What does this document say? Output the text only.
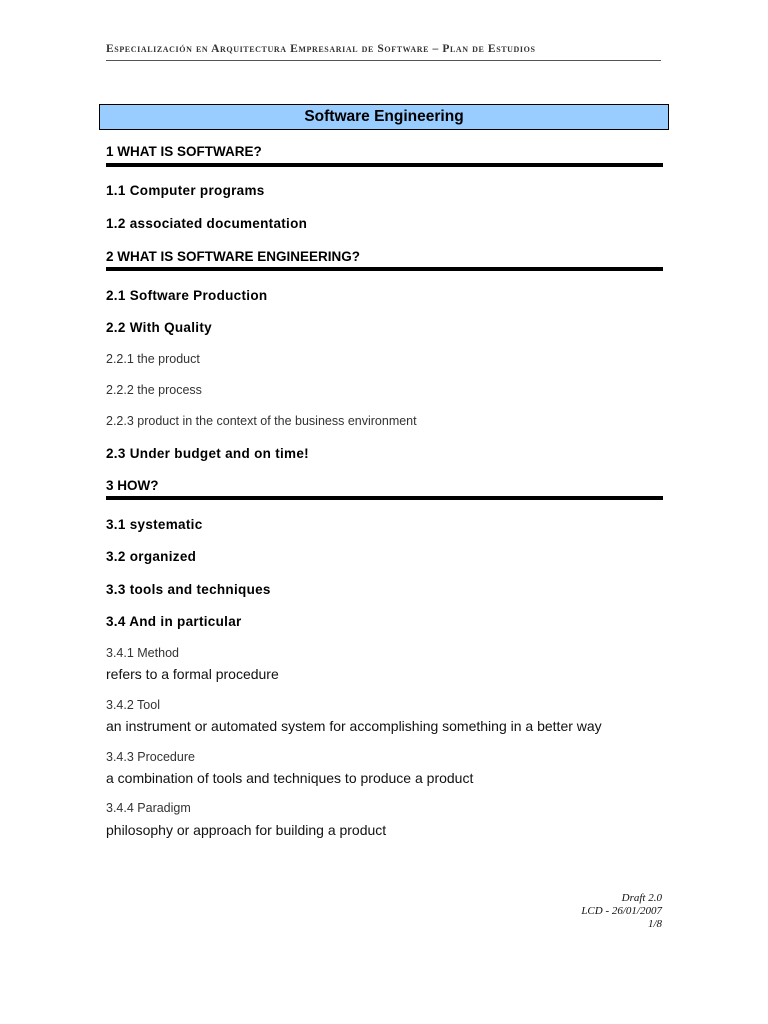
Especialización en Arquitectura Empresarial de Software – Plan de Estudios
Software Engineering
1 WHAT IS SOFTWARE?
1.1 Computer programs
1.2 associated documentation
2 WHAT IS SOFTWARE ENGINEERING?
2.1 Software Production
2.2 With Quality
2.2.1 the product
2.2.2 the process
2.2.3 product in the context of the business environment
2.3 Under budget and on time!
3 HOW?
3.1 systematic
3.2 organized
3.3 tools and techniques
3.4 And in particular
3.4.1 Method
refers to a formal procedure
3.4.2 Tool
an instrument or automated system for accomplishing something in a better way
3.4.3 Procedure
a combination of tools and techniques to produce a product
3.4.4 Paradigm
philosophy or approach for building a product
Draft 2.0
LCD - 26/01/2007
1/8
